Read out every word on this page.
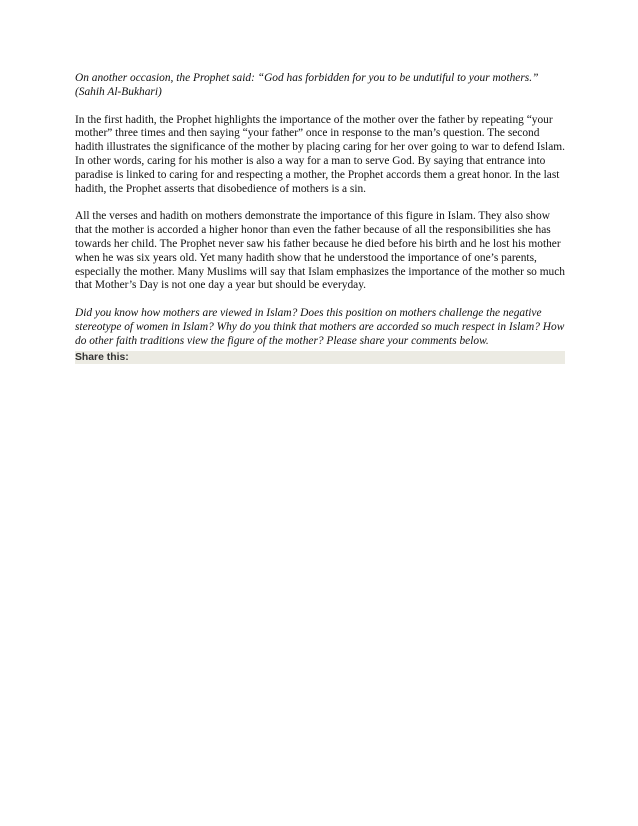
On another occasion, the Prophet said: “God has forbidden for you to be undutiful to your mothers.” (Sahih Al-Bukhari)

In the first hadith, the Prophet highlights the importance of the mother over the father by repeating “your mother” three times and then saying “your father” once in response to the man’s question. The second hadith illustrates the significance of the mother by placing caring for her over going to war to defend Islam. In other words, caring for his mother is also a way for a man to serve God. By saying that entrance into paradise is linked to caring for and respecting a mother, the Prophet accords them a great honor. In the last hadith, the Prophet asserts that disobedience of mothers is a sin.

All the verses and hadith on mothers demonstrate the importance of this figure in Islam. They also show that the mother is accorded a higher honor than even the father because of all the responsibilities she has towards her child. The Prophet never saw his father because he died before his birth and he lost his mother when he was six years old. Yet many hadith show that he understood the importance of one’s parents, especially the mother. Many Muslims will say that Islam emphasizes the importance of the mother so much that Mother’s Day is not one day a year but should be everyday.

Did you know how mothers are viewed in Islam? Does this position on mothers challenge the negative stereotype of women in Islam? Why do you think that mothers are accorded so much respect in Islam? How do other faith traditions view the figure of the mother? Please share your comments below.

Share this:
